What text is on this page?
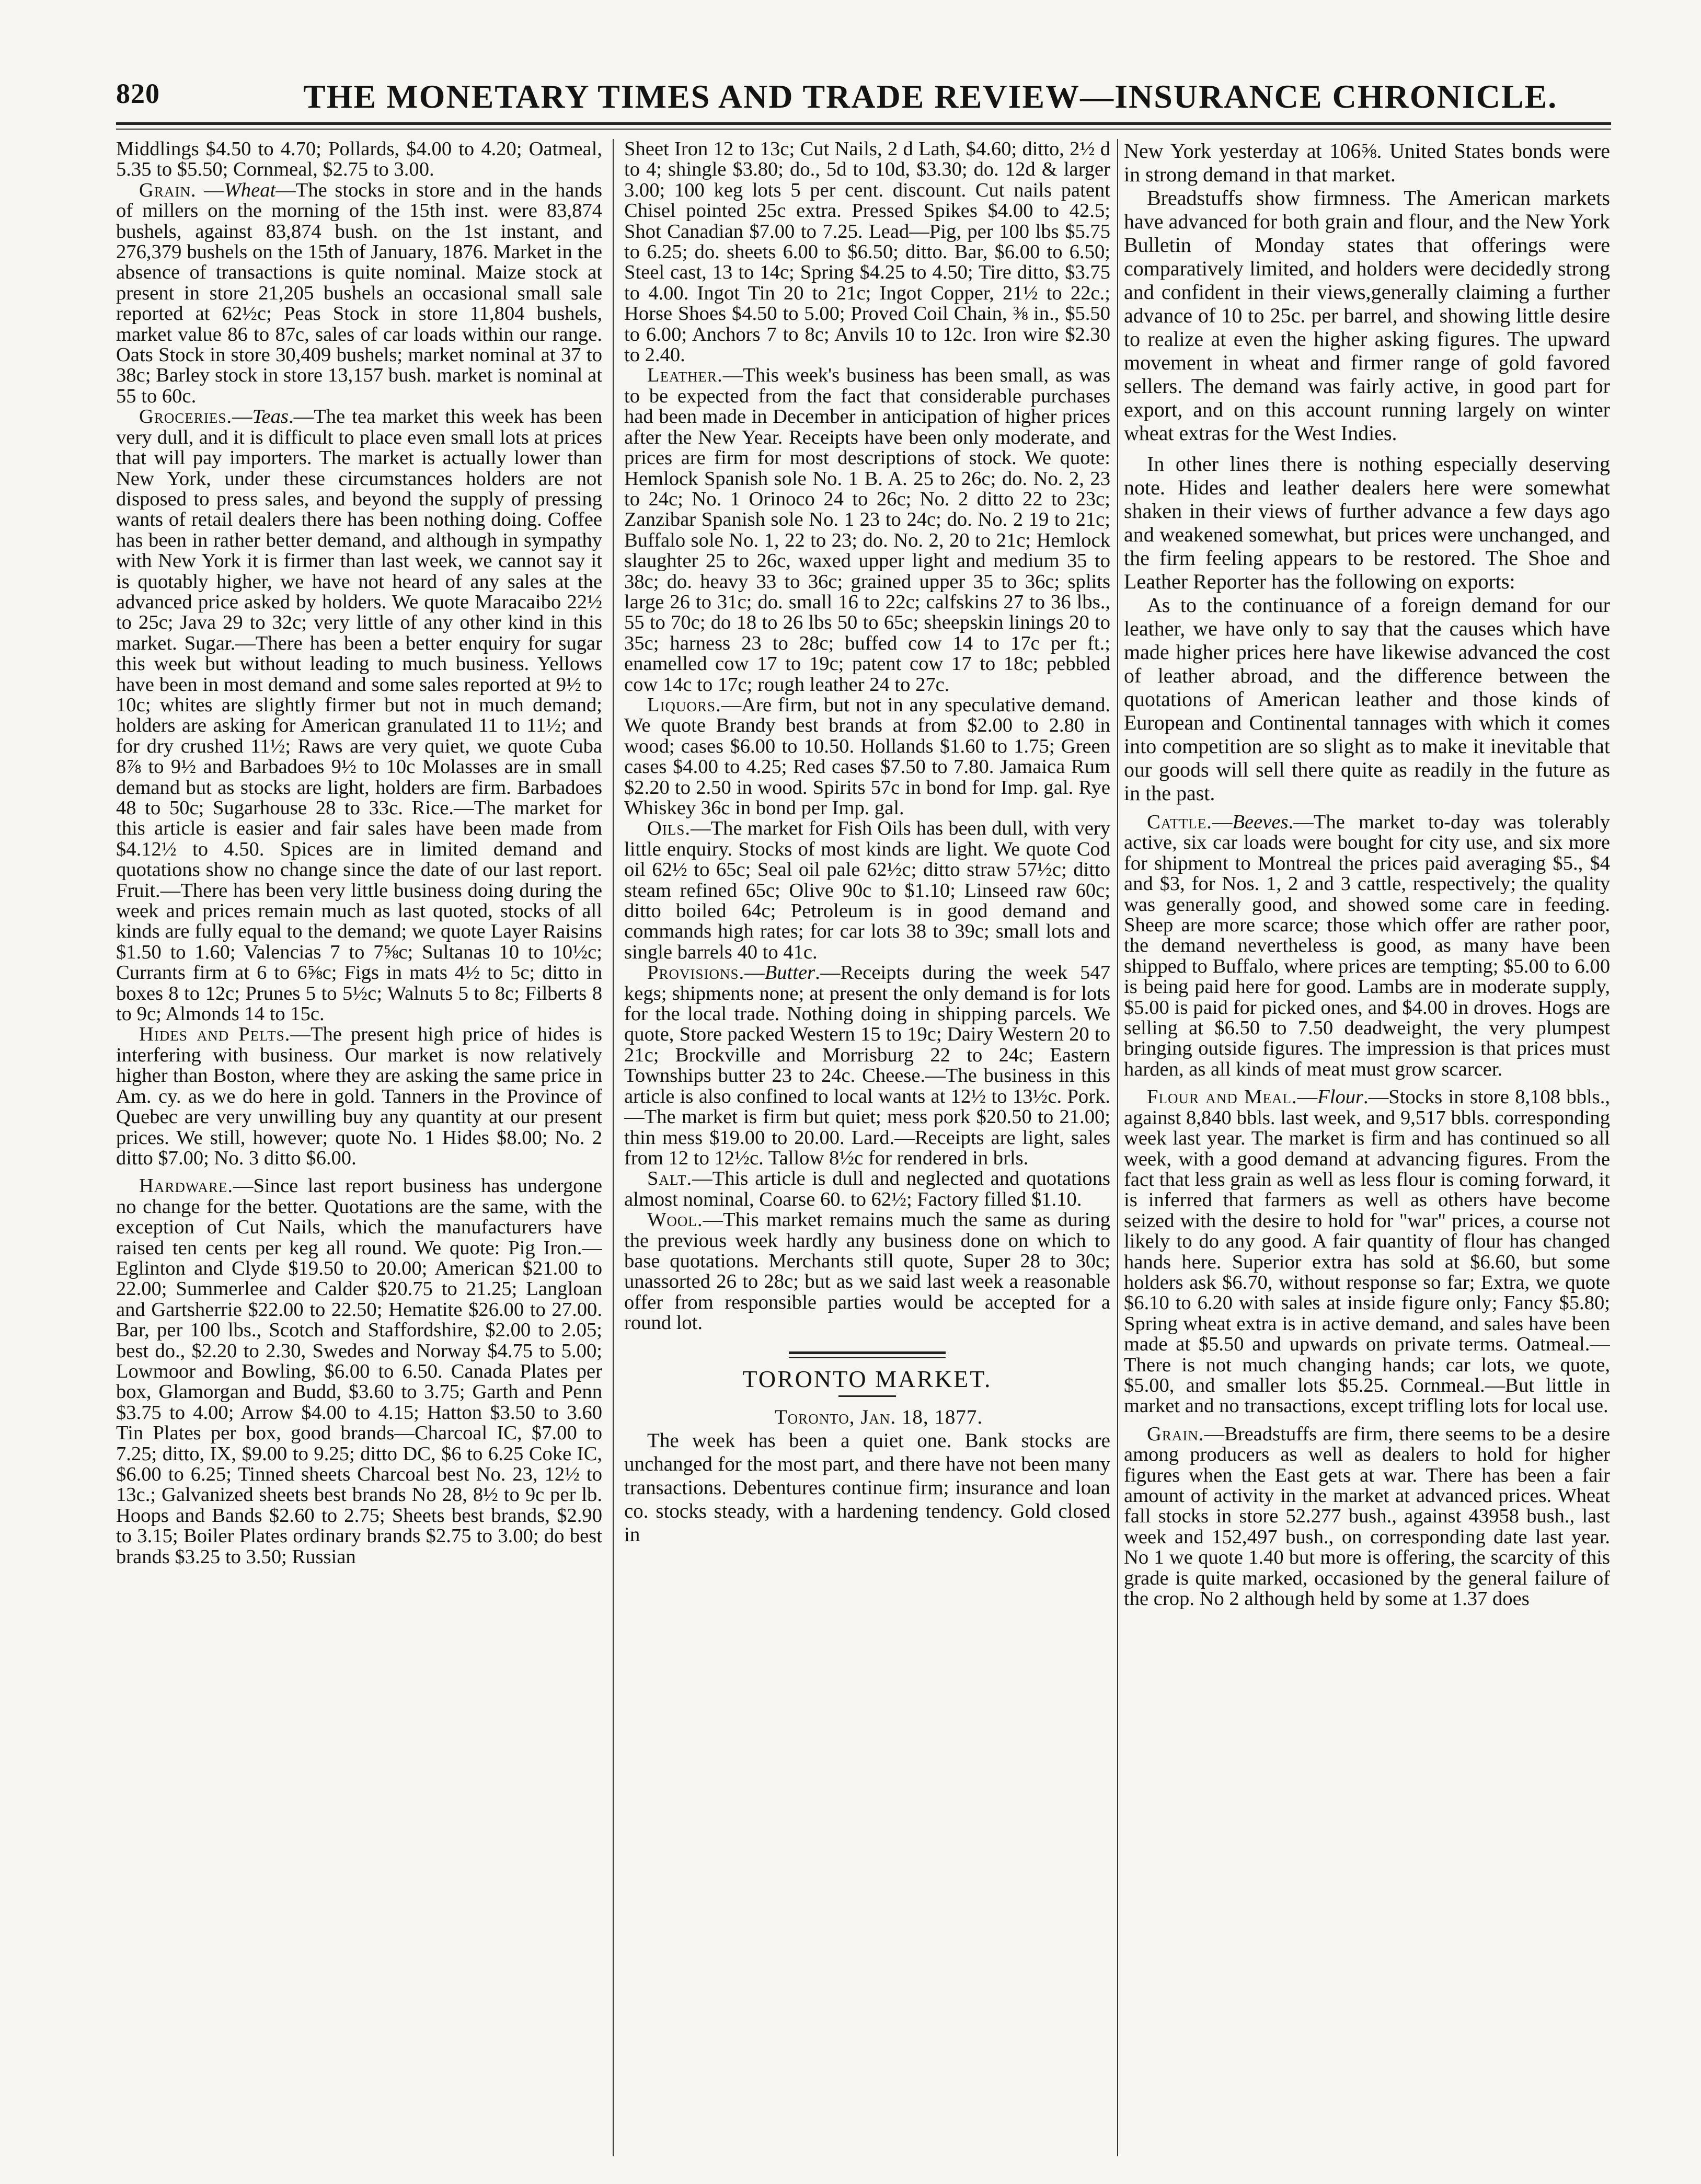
820	THE MONETARY TIMES AND TRADE REVIEW—INSURANCE CHRONICLE.

Middlings $4.50 to 4.70; Pollards, $4.00 to 4.20; Oatmeal, 5.35 to $5.50; Cornmeal, $2.75 to 3.00.

Grain. —Wheat—The stocks in store and in the hands of millers on the morning of the 15th inst. were 83,874 bushels, against 83,874 bush. on the 1st instant, and 276,379 bushels on the 15th of January, 1876. Market in the absence of transactions is quite nominal. Maize stock at present in store 21,205 bushels an occasional small sale reported at 62½c; Peas Stock in store 11,804 bushels, market value 86 to 87c, sales of car loads within our range. Oats Stock in store 30,409 bushels; market nominal at 37 to 38c; Barley stock in store 13,157 bush. market is nominal at 55 to 60c.

Groceries.—Teas.—The tea market this week has been very dull, and it is difficult to place even small lots at prices that will pay importers. The market is actually lower than New York, under these circumstances holders are not disposed to press sales, and beyond the supply of pressing wants of retail dealers there has been nothing doing. Coffee has been in rather better demand, and although in sympathy with New York it is firmer than last week, we cannot say it is quotably higher, we have not heard of any sales at the advanced price asked by holders. We quote Maracaibo 22½ to 25c; Java 29 to 32c; very little of any other kind in this market. Sugar.—There has been a better enquiry for sugar this week but without leading to much business. Yellows have been in most demand and some sales reported at 9½ to 10c; whites are slightly firmer but not in much demand; holders are asking for American granulated 11 to 11½; and for dry crushed 11½; Raws are very quiet, we quote Cuba 8⅞ to 9½ and Barbadoes 9½ to 10c Molasses are in small demand but as stocks are light, holders are firm. Barbadoes 48 to 50c; Sugarhouse 28 to 33c. Rice.—The market for this article is easier and fair sales have been made from $4.12½ to 4.50. Spices are in limited demand and quotations show no change since the date of our last report. Fruit.—There has been very little business doing during the week and prices remain much as last quoted, stocks of all kinds are fully equal to the demand; we quote Layer Raisins $1.50 to 1.60; Valencias 7 to 7⅝c; Sultanas 10 to 10½c; Currants firm at 6 to 6⅝c; Figs in mats 4½ to 5c; ditto in boxes 8 to 12c; Prunes 5 to 5½c; Walnuts 5 to 8c; Filberts 8 to 9c; Almonds 14 to 15c.

Hides and Pelts.—The present high price of hides is interfering with business. Our market is now relatively higher than Boston, where they are asking the same price in Am. cy. as we do here in gold. Tanners in the Province of Quebec are very unwilling buy any quantity at our present prices. We still, however; quote No. 1 Hides $8.00; No. 2 ditto $7.00; No. 3 ditto $6.00.

Hardware.—Since last report business has undergone no change for the better. Quotations are the same, with the exception of Cut Nails, which the manufacturers have raised ten cents per keg all round. We quote: Pig Iron.—Eglinton and Clyde $19.50 to 20.00; American $21.00 to 22.00; Summerlee and Calder $20.75 to 21.25; Langloan and Gartsherrie $22.00 to 22.50; Hematite $26.00 to 27.00. Bar, per 100 lbs., Scotch and Staffordshire, $2.00 to 2.05; best do., $2.20 to 2.30, Swedes and Norway $4.75 to 5.00; Lowmoor and Bowling, $6.00 to 6.50. Canada Plates per box, Glamorgan and Budd, $3.60 to 3.75; Garth and Penn $3.75 to 4.00; Arrow $4.00 to 4.15; Hatton $3.50 to 3.60 Tin Plates per box, good brands—Charcoal IC, $7.00 to 7.25; ditto, IX, $9.00 to 9.25; ditto DC, $6 to 6.25 Coke IC, $6.00 to 6.25; Tinned sheets Charcoal best No. 23, 12½ to 13c.; Galvanized sheets best brands No 28, 8½ to 9c per lb. Hoops and Bands $2.60 to 2.75; Sheets best brands, $2.90 to 3.15; Boiler Plates ordinary brands $2.75 to 3.00; do best brands $3.25 to 3.50; Russian

Sheet Iron 12 to 13c; Cut Nails, 2 d Lath, $4.60; ditto, 2½ d to 4; shingle $3.80; do., 5d to 10d, $3.30; do. 12d & larger 3.00; 100 keg lots 5 per cent. discount. Cut nails patent Chisel pointed 25c extra. Pressed Spikes $4.00 to 42.5; Shot Canadian $7.00 to 7.25. Lead—Pig, per 100 lbs $5.75 to 6.25; do. sheets 6.00 to $6.50; ditto. Bar, $6.00 to 6.50; Steel cast, 13 to 14c; Spring $4.25 to 4.50; Tire ditto, $3.75 to 4.00. Ingot Tin 20 to 21c; Ingot Copper, 21½ to 22c.; Horse Shoes $4.50 to 5.00; Proved Coil Chain, ⅜ in., $5.50 to 6.00; Anchors 7 to 8c; Anvils 10 to 12c. Iron wire $2.30 to 2.40.

Leather.—This week's business has been small, as was to be expected from the fact that considerable purchases had been made in December in anticipation of higher prices after the New Year. Receipts have been only moderate, and prices are firm for most descriptions of stock. We quote: Hemlock Spanish sole No. 1 B. A. 25 to 26c; do. No. 2, 23 to 24c; No. 1 Orinoco 24 to 26c; No. 2 ditto 22 to 23c; Zanzibar Spanish sole No. 1 23 to 24c; do. No. 2 19 to 21c; Buffalo sole No. 1, 22 to 23; do. No. 2, 20 to 21c; Hemlock slaughter 25 to 26c, waxed upper light and medium 35 to 38c; do. heavy 33 to 36c; grained upper 35 to 36c; splits large 26 to 31c; do. small 16 to 22c; calfskins 27 to 36 lbs., 55 to 70c; do 18 to 26 lbs 50 to 65c; sheepskin linings 20 to 35c; harness 23 to 28c; buffed cow 14 to 17c per ft.; enamelled cow 17 to 19c; patent cow 17 to 18c; pebbled cow 14c to 17c; rough leather 24 to 27c.

Liquors.—Are firm, but not in any speculative demand. We quote Brandy best brands at from $2.00 to 2.80 in wood; cases $6.00 to 10.50. Hollands $1.60 to 1.75; Green cases $4.00 to 4.25; Red cases $7.50 to 7.80. Jamaica Rum $2.20 to 2.50 in wood. Spirits 57c in bond for Imp. gal. Rye Whiskey 36c in bond per Imp. gal.

Oils.—The market for Fish Oils has been dull, with very little enquiry. Stocks of most kinds are light. We quote Cod oil 62½ to 65c; Seal oil pale 62½c; ditto straw 57½c; ditto steam refined 65c; Olive 90c to $1.10; Linseed raw 60c; ditto boiled 64c; Petroleum is in good demand and commands high rates; for car lots 38 to 39c; small lots and single barrels 40 to 41c.

Provisions.—Butter.—Receipts during the week 547 kegs; shipments none; at present the only demand is for lots for the local trade. Nothing doing in shipping parcels. We quote, Store packed Western 15 to 19c; Dairy Western 20 to 21c; Brockville and Morrisburg 22 to 24c; Eastern Townships butter 23 to 24c. Cheese.—The business in this article is also confined to local wants at 12½ to 13½c. Pork.—The market is firm but quiet; mess pork $20.50 to 21.00; thin mess $19.00 to 20.00. Lard.—Receipts are light, sales from 12 to 12½c. Tallow 8½c for rendered in brls.

Salt.—This article is dull and neglected and quotations almost nominal, Coarse 60. to 62½; Factory filled $1.10.

Wool.—This market remains much the same as during the previous week hardly any business done on which to base quotations. Merchants still quote, Super 28 to 30c; unassorted 26 to 28c; but as we said last week a reasonable offer from responsible parties would be accepted for a round lot.

TORONTO MARKET.

Toronto, Jan. 18, 1877.

The week has been a quiet one. Bank stocks are unchanged for the most part, and there have not been many transactions. Debentures continue firm; insurance and loan co. stocks steady, with a hardening tendency. Gold closed in

New York yesterday at 106⅝. United States bonds were in strong demand in that market.

Breadstuffs show firmness. The American markets have advanced for both grain and flour, and the New York Bulletin of Monday states that offerings were comparatively limited, and holders were decidedly strong and confident in their views,generally claiming a further advance of 10 to 25c. per barrel, and showing little desire to realize at even the higher asking figures. The upward movement in wheat and firmer range of gold favored sellers. The demand was fairly active, in good part for export, and on this account running largely on winter wheat extras for the West Indies.

In other lines there is nothing especially deserving note. Hides and leather dealers here were somewhat shaken in their views of further advance a few days ago and weakened somewhat, but prices were unchanged, and the firm feeling appears to be restored. The Shoe and Leather Reporter has the following on exports:

As to the continuance of a foreign demand for our leather, we have only to say that the causes which have made higher prices here have likewise advanced the cost of leather abroad, and the difference between the quotations of American leather and those kinds of European and Continental tannages with which it comes into competition are so slight as to make it inevitable that our goods will sell there quite as readily in the future as in the past.

Cattle.—Beeves.—The market to-day was tolerably active, six car loads were bought for city use, and six more for shipment to Montreal the prices paid averaging $5., $4 and $3, for Nos. 1, 2 and 3 cattle, respectively; the quality was generally good, and showed some care in feeding. Sheep are more scarce; those which offer are rather poor, the demand nevertheless is good, as many have been shipped to Buffalo, where prices are tempting; $5.00 to 6.00 is being paid here for good. Lambs are in moderate supply, $5.00 is paid for picked ones, and $4.00 in droves. Hogs are selling at $6.50 to 7.50 deadweight, the very plumpest bringing outside figures. The impression is that prices must harden, as all kinds of meat must grow scarcer.

Flour and Meal.—Flour.—Stocks in store 8,108 bbls., against 8,840 bbls. last week, and 9,517 bbls. corresponding week last year. The market is firm and has continued so all week, with a good demand at advancing figures. From the fact that less grain as well as less flour is coming forward, it is inferred that farmers as well as others have become seized with the desire to hold for "war" prices, a course not likely to do any good. A fair quantity of flour has changed hands here. Superior extra has sold at $6.60, but some holders ask $6.70, without response so far; Extra, we quote $6.10 to 6.20 with sales at inside figure only; Fancy $5.80; Spring wheat extra is in active demand, and sales have been made at $5.50 and upwards on private terms. Oatmeal.—There is not much changing hands; car lots, we quote, $5.00, and smaller lots $5.25. Cornmeal.—But little in market and no transactions, except trifling lots for local use.

Grain.—Breadstuffs are firm, there seems to be a desire among producers as well as dealers to hold for higher figures when the East gets at war. There has been a fair amount of activity in the market at advanced prices. Wheat fall stocks in store 52.277 bush., against 43958 bush., last week and 152,497 bush., on corresponding date last year. No 1 we quote 1.40 but more is offering, the scarcity of this grade is quite marked, occasioned by the general failure of the crop. No 2 although held by some at 1.37 does
